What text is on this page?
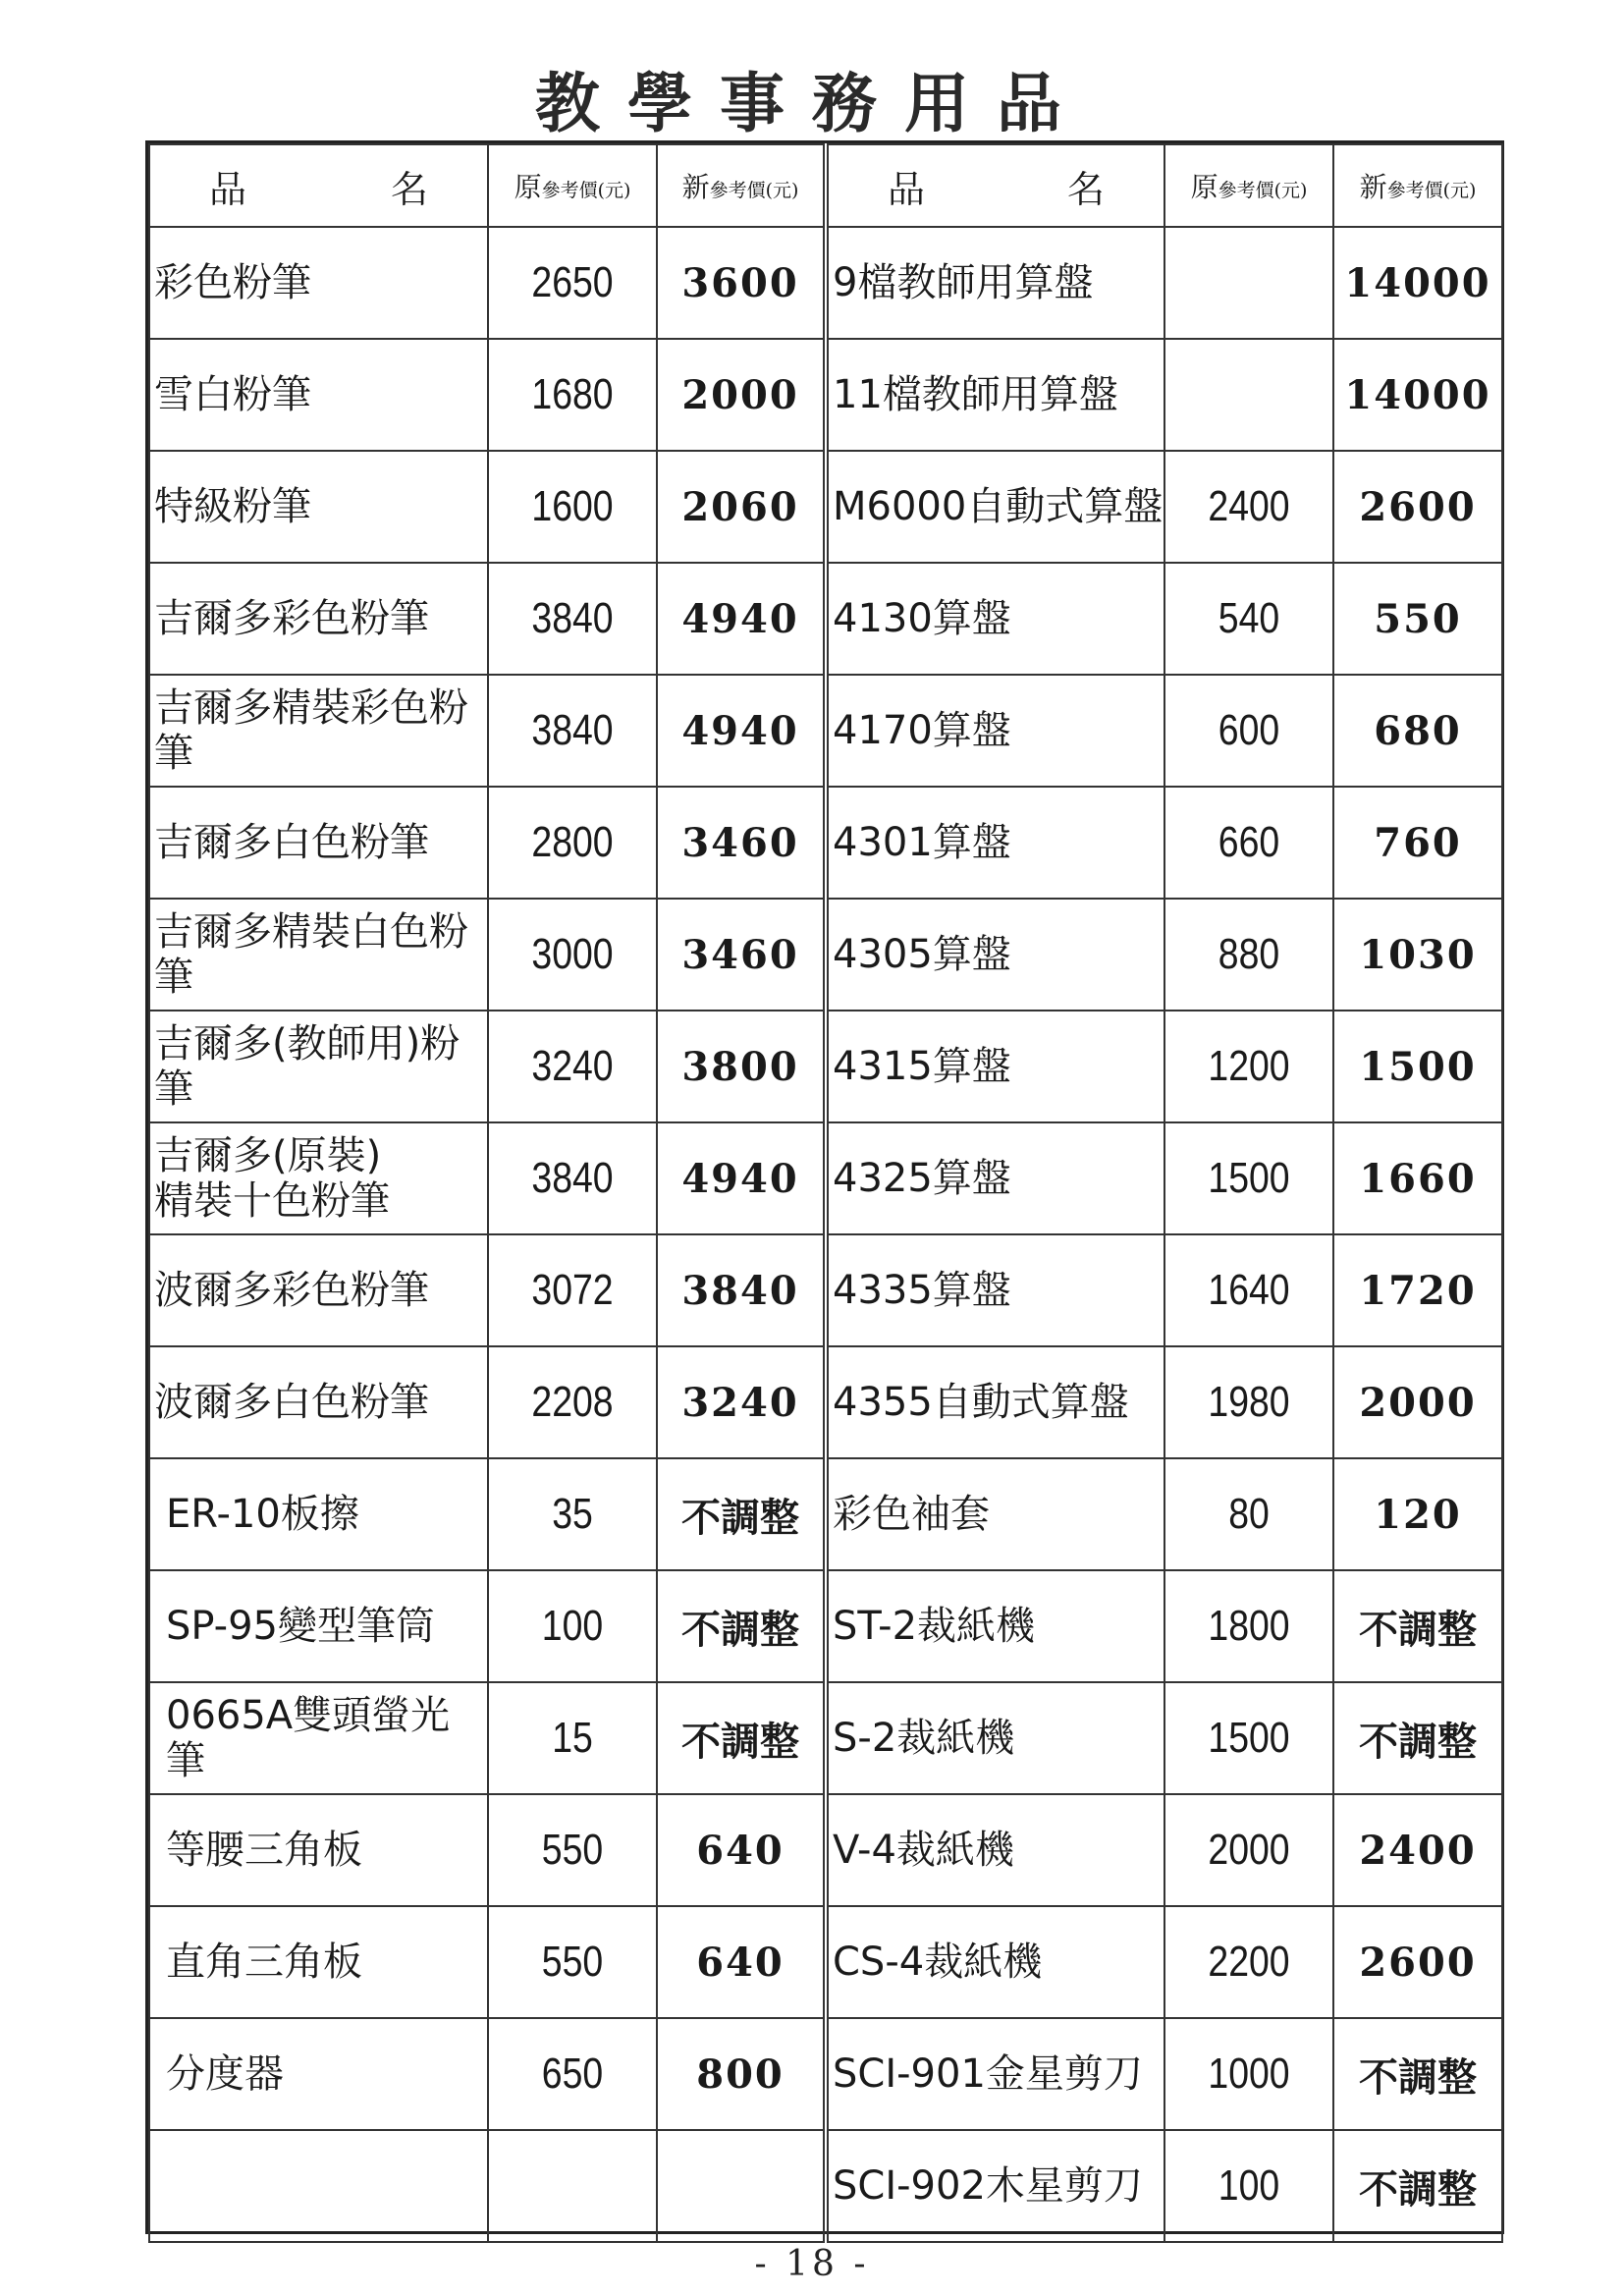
教學事務用品
品 名	原參考價(元)	新參考價(元)	品 名	原參考價(元)	新參考價(元)

彩色粉筆	2650	3600	9檔教師用算盤		14000

雪白粉筆	1680	2000	11檔教師用算盤		14000

特級粉筆	1600	2060	M6000自動式算盤	2400	2600

吉爾多彩色粉筆	3840	4940	4130算盤	540	550

吉爾多精裝彩色粉筆	3840	4940	4170算盤	600	680

吉爾多白色粉筆	2800	3460	4301算盤	660	760

吉爾多精裝白色粉筆	3000	3460	4305算盤	880	1030

吉爾多(教師用)粉筆	3240	3800	4315算盤	1200	1500

吉爾多(原裝)
精裝十色粉筆	3840	4940	4325算盤	1500	1660

波爾多彩色粉筆	3072	3840	4335算盤	1640	1720

波爾多白色粉筆	2208	3240	4355自動式算盤	1980	2000

ER-10板擦	35	不調整	彩色袖套	80	120

SP-95變型筆筒	100	不調整	ST-2裁紙機	1800	不調整

0665A雙頭螢光筆	15	不調整	S-2裁紙機	1500	不調整

等腰三角板	550	640	V-4裁紙機	2000	2400

直角三角板	550	640	CS-4裁紙機	2200	2600

分度器	650	800	SCI-901金星剪刀	1000	不調整

			SCI-902木星剪刀	100	不調整
- 18 -
